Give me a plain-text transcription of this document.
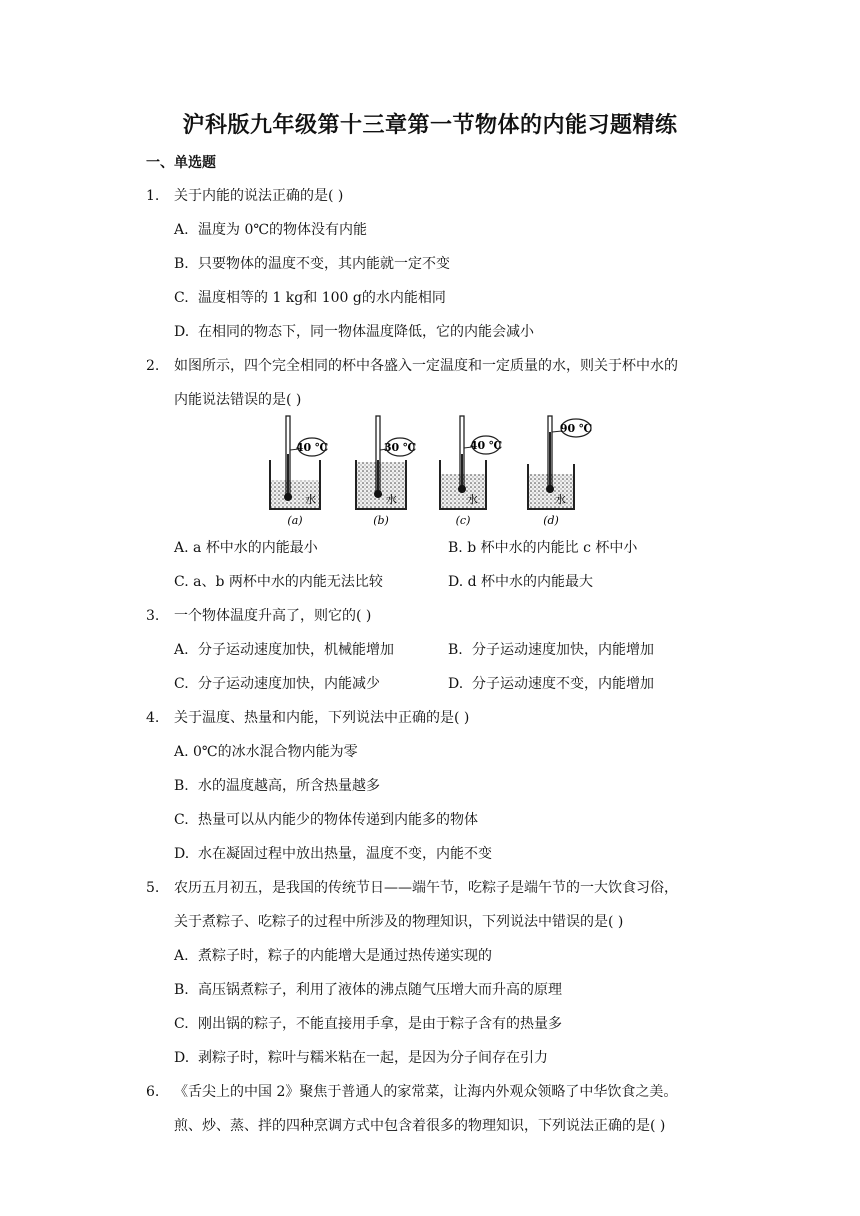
沪科版九年级第十三章第一节物体的内能习题精练
一、单选题
1. 关于内能的说法正确的是( )
A. 温度为 0℃的物体没有内能
B. 只要物体的温度不变，其内能就一定不变
C. 温度相等的 1 kg和 100 g的水内能相同
D. 在相同的物态下，同一物体温度降低，它的内能会减小
2. 如图所示，四个完全相同的杯中各盛入一定温度和一定质量的水，则关于杯中水的
内能说法错误的是( )
40 ℃
水
(a)
30 ℃
水
(b)
40 ℃
水
(c)
90 ℃
水
(d)
A. a 杯中水的内能最小	B. b 杯中水的内能比 c 杯中小
C. a、b 两杯中水的内能无法比较	D. d 杯中水的内能最大
3. 一个物体温度升高了，则它的( )
A. 分子运动速度加快，机械能增加	B. 分子运动速度加快，内能增加
C. 分子运动速度加快，内能减少	D. 分子运动速度不变，内能增加
4. 关于温度、热量和内能，下列说法中正确的是( )
A. 0℃的冰水混合物内能为零
B. 水的温度越高，所含热量越多
C. 热量可以从内能少的物体传递到内能多的物体
D. 水在凝固过程中放出热量，温度不变，内能不变
5. 农历五月初五，是我国的传统节日——端午节，吃粽子是端午节的一大饮食习俗，
关于煮粽子、吃粽子的过程中所涉及的物理知识，下列说法中错误的是( )
A. 煮粽子时，粽子的内能增大是通过热传递实现的
B. 高压锅煮粽子，利用了液体的沸点随气压增大而升高的原理
C. 刚出锅的粽子，不能直接用手拿，是由于粽子含有的热量多
D. 剥粽子时，粽叶与糯米粘在一起，是因为分子间存在引力
6. 《舌尖上的中国 2》聚焦于普通人的家常菜，让海内外观众领略了中华饮食之美。
煎、炒、蒸、拌的四种烹调方式中包含着很多的物理知识，下列说法正确的是( )
